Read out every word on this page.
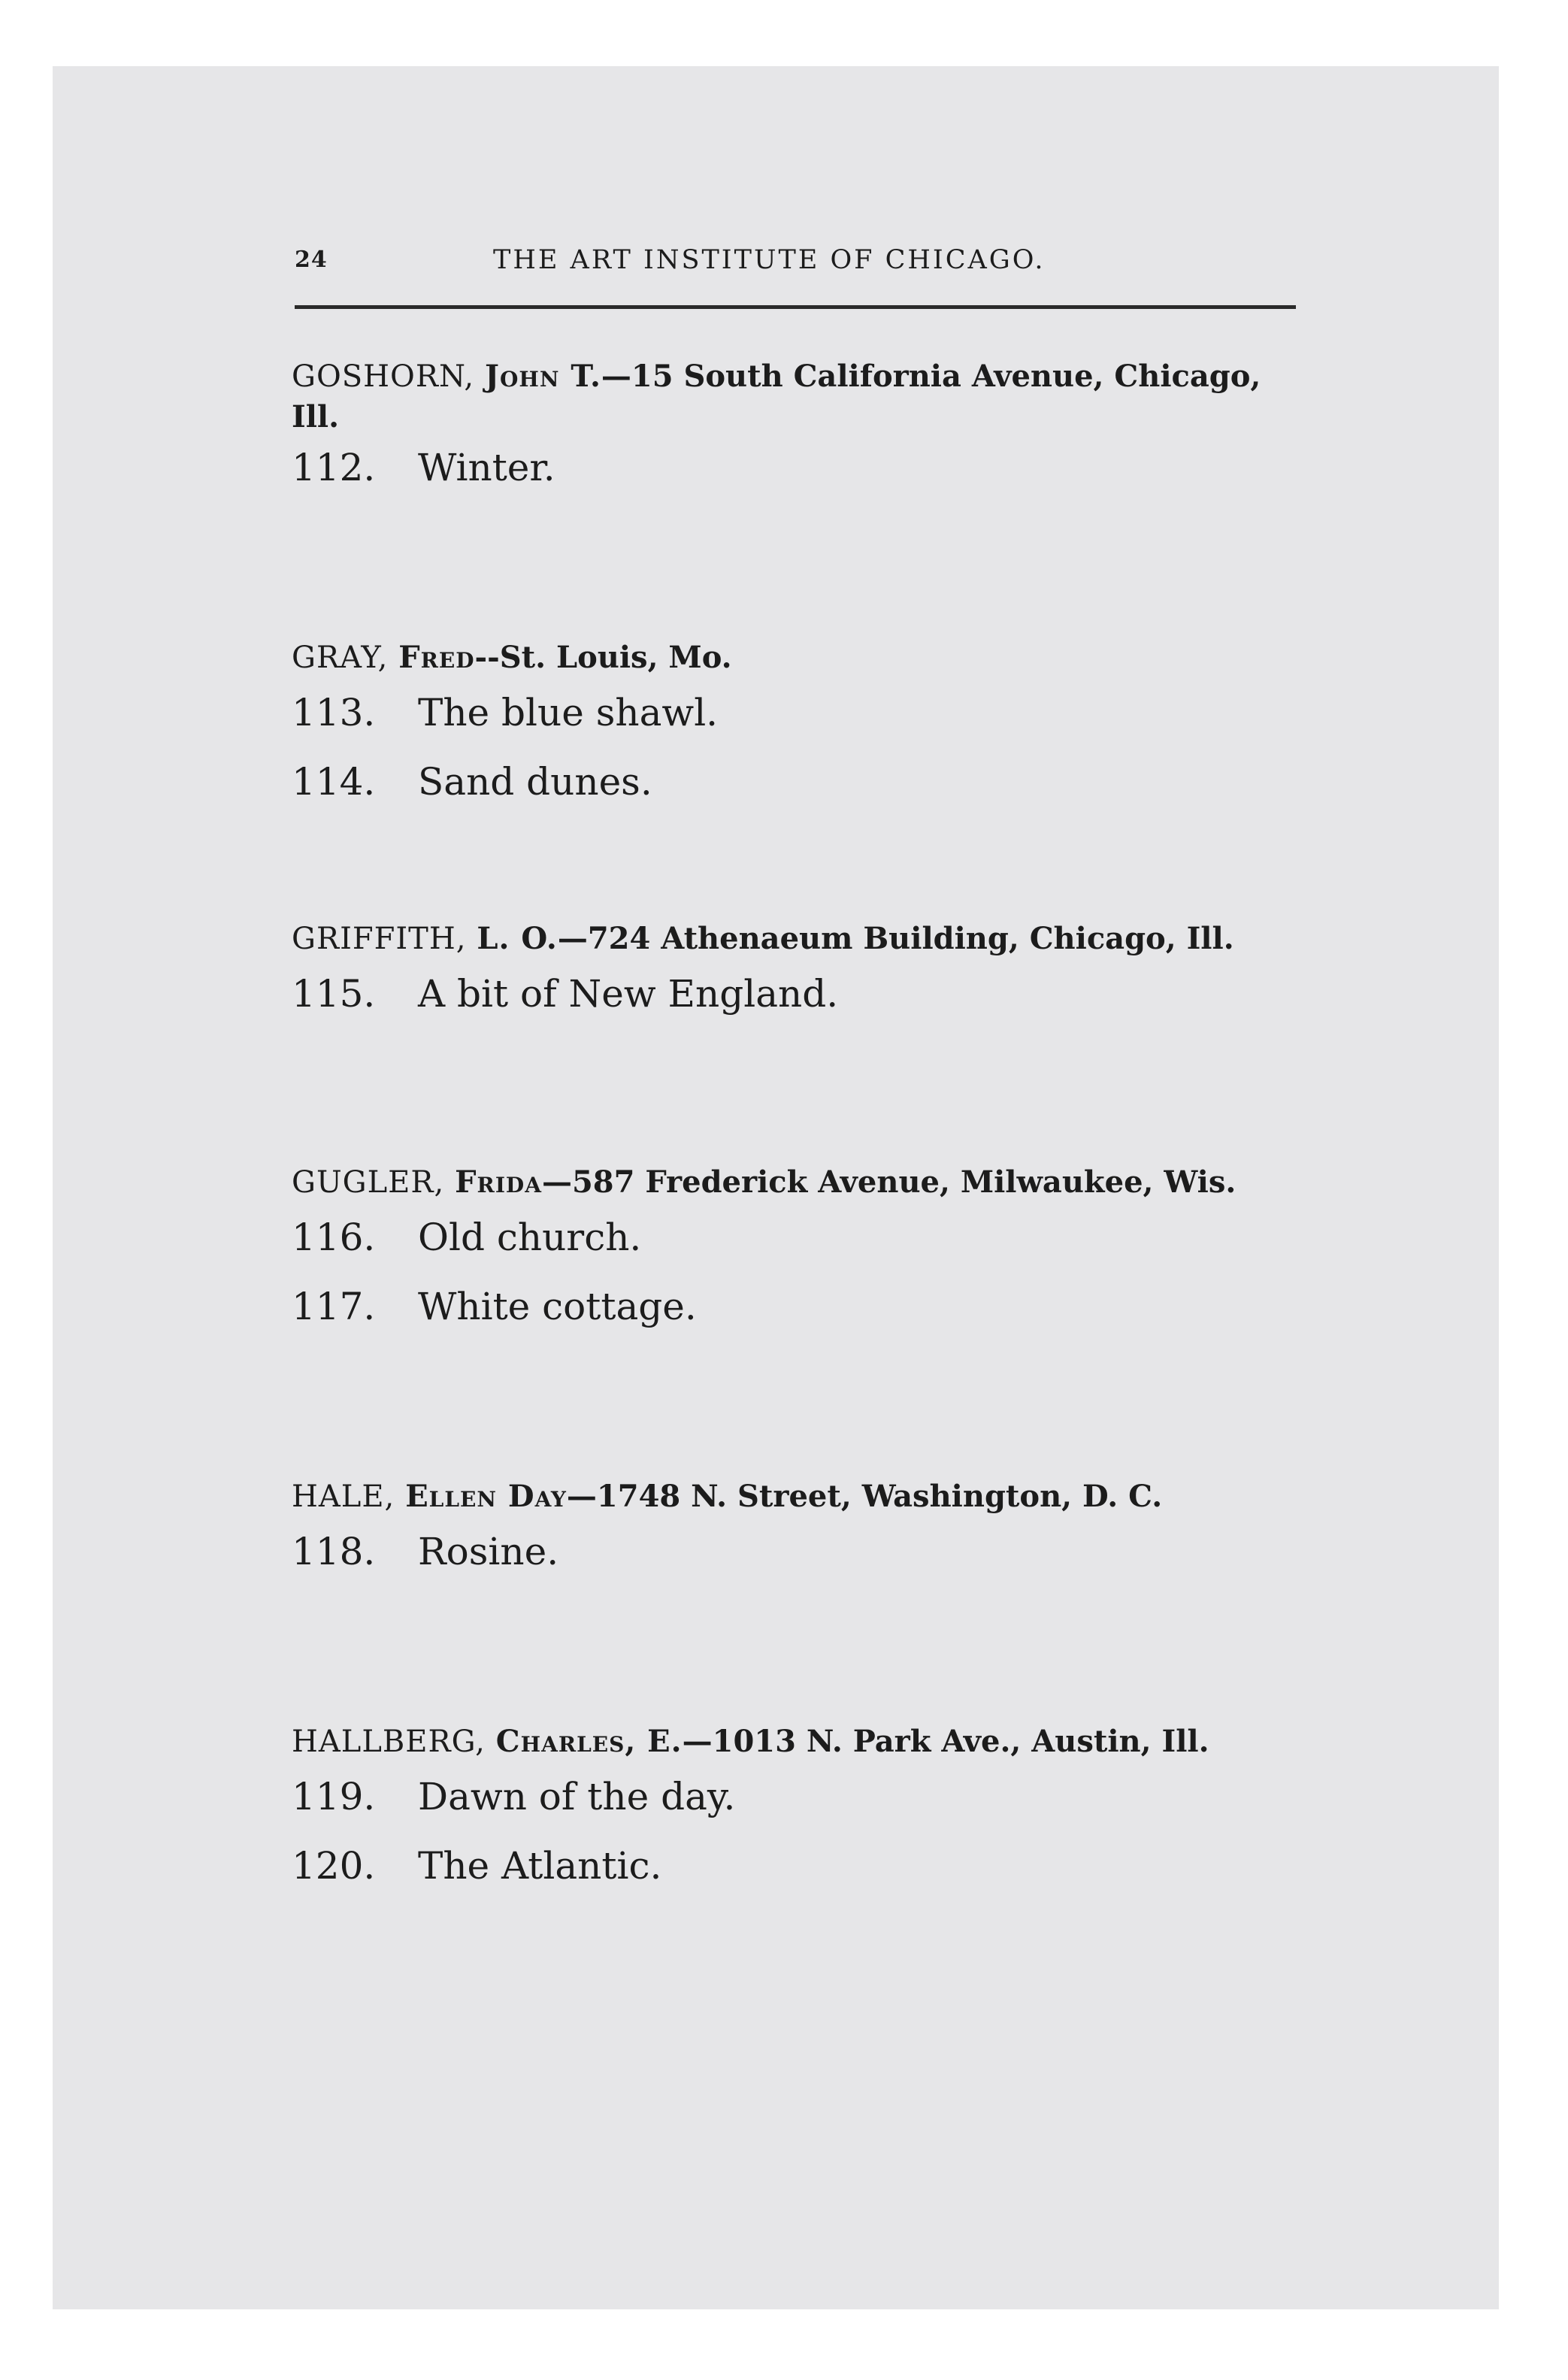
24	THE ART INSTITUTE OF CHICAGO.

GOSHORN, John T.—15 South California Avenue, Chicago,
Ill.

112. Winter.

GRAY, Fred--St. Louis, Mo.

113. The blue shawl.

114. Sand dunes.

GRIFFITH, L. O.—724 Athenaeum Building, Chicago, Ill.

115. A bit of New England.

GUGLER, Frida—587 Frederick Avenue, Milwaukee, Wis.

116. Old church.

117. White cottage.

HALE, Ellen Day—1748 N. Street, Washington, D. C.

118. Rosine.

HALLBERG, Charles, E.—1013 N. Park Ave., Austin, Ill.

119. Dawn of the day.

120. The Atlantic.
